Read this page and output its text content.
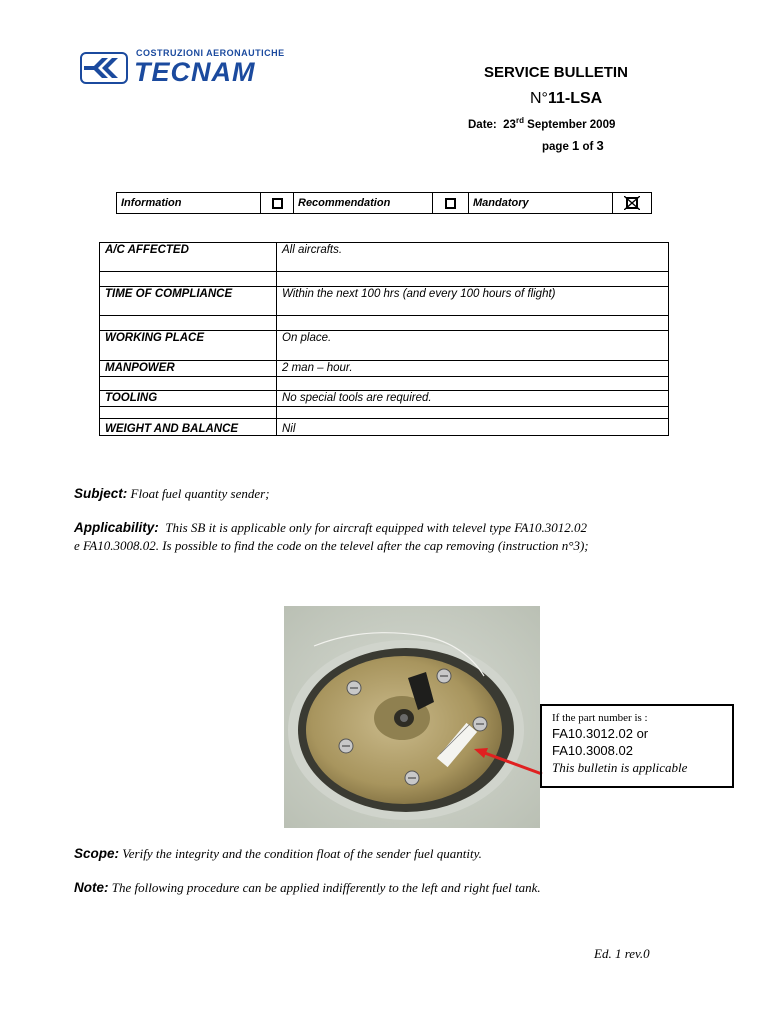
COSTRUZIONI AERONAUTICHE
TECNAM	SERVICE BULLETIN
N°11-LSA
Date: 23rd September 2009
page 1 of 3
Information	Recommendation	Mandatory
A/C AFFECTED	All aircrafts.

TIME OF COMPLIANCE	Within the next 100 hrs (and every 100 hours of flight)

WORKING PLACE	On place.
MANPOWER	2 man – hour.

TOOLING	No special tools are required.

WEIGHT AND BALANCE	Nil
Subject: Float fuel quantity sender;
Applicability: This SB it is applicable only for aircraft equipped with televel type FA10.3012.02
e FA10.3008.02. Is possible to find the code on the televel after the cap removing (instruction n°3);
If the part number is :
FA10.3012.02 or
FA10.3008.02
This bulletin is applicable
Scope: Verify the integrity and the condition float of the sender fuel quantity.
Note: The following procedure can be applied indifferently to the left and right fuel tank.
Ed. 1 rev.0
